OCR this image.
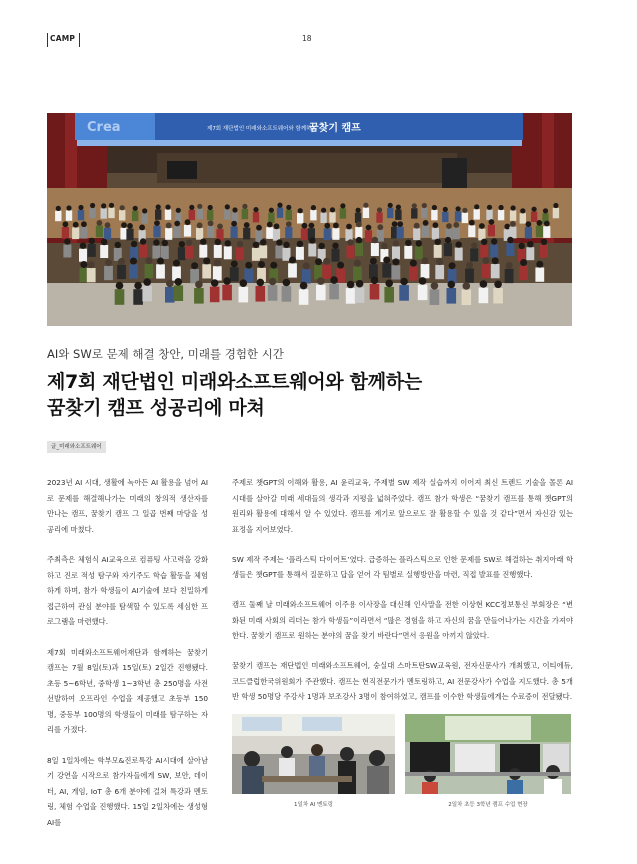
CAMP	18
Crea	제7회 재단법인 미래와소프트웨어와 함께하는
꿈찾기 캠프
AI와 SW로 문제 해결 창안, 미래를 경험한 시간
제7회 재단법인 미래와소프트웨어와 함께하는
꿈찾기 캠프 성공리에 마쳐
글_미래와소프트웨어

2023년 AI 시대, 생활에 녹아든 AI 활용을 넘어 AI로 문제를 해결해나가는 미래의 창의적 생산자를 만나는 캠프, 꿈찾기 캠프 그 일곱 번째 마당을 성공리에 마쳤다.

주최측은 체험식 AI교육으로 컴퓨팅 사고력을 강화하고 진로 적성 탐구와 자기주도 학습 활동을 체험하게 하며, 참가 학생들이 AI기술에 보다 친밀하게 접근하여 관심 분야를 탐색할 수 있도록 세심한 프로그램을 마련했다.

제7회 미래와소프트웨어재단과 함께하는 꿈찾기 캠프는 7월 8일(토)과 15일(토) 2일간 진행됐다. 초등 5~6학년, 중학생 1~3학년 총 250명을 사전 선발하여 오프라인 수업을 제공했고 초등부 150명, 중등부 100명의 학생들이 미래를 탐구하는 자리를 가졌다.

8일 1일차에는 학부모&진로특강 AI시대에 살아남기 강연을 시작으로 참가자들에게 SW, 보안, 데이터, AI, 게임, IoT 총 6개 분야에 걸쳐 특강과 멘토링, 체험 수업을 진행했다. 15일 2일차에는 생성형 AI를

주제로 챗GPT의 이해와 활용, AI 윤리교육, 주제별 SW 제작 실습까지 이어져 최신 트렌드 기술을 몰론 AI 시대를 살아갈 미래 세대들의 생각과 지평을 넓혀주었다. 캠프 참가 학생은 “꿈찾기 캠프를 통해 챗GPT의 원리와 활용에 대해서 알 수 있었다. 캠프를 계기로 앞으로도 잘 활용할 수 있을 것 같다”면서 자신감 있는 표정을 지어보였다.

SW 제작 주제는 ‘플라스틱 다이어트’였다. 급증하는 플라스틱으로 인한 문제를 SW로 해결하는 취지아래 학생들은 챗GPT를 통해서 질문하고 답을 얻어 각 팀별로 실행방안을 마련, 직접 발표를 진행했다.

캠프 둘째 날 미래와소프트웨어 이주용 이사장을 대신해 인사말을 전한 이상현 KCC정보통신 부회장은 “변화된 미래 사회의 리더는 참가 학생들”이라면서 “많은 경험을 하고 자신의 꿈을 만들어나가는 시간을 가져야 한다. 꿈찾기 캠프로 원하는 분야의 꿈을 찾기 바란다”면서 응원을 아끼지 않았다.

꿈찾기 캠프는 재단법인 미래와소프트웨어, 숭실대 스마트탄SW교육원, 전자신문사가 개최했고, 이티에듀, 코드클럽한국위원회가 주관했다. 캠프는 현직전문가가 멘토링하고, AI 전문강사가 수업을 지도했다. 총 5개 반 학생 50명당 주강사 1명과 보조강사 3명이 참여하였고, 캠프를 이수한 학생들에게는 수료증이 전달됐다.

1일차 AI 멘토링	2일차 초등 3학년 캠프 수업 현장
